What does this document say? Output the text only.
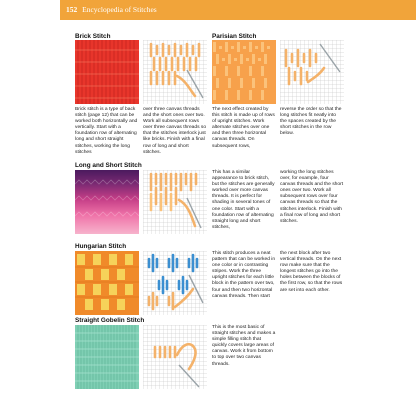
152 Encyclopedia of Stitches
Brick Stitch
Brick stitch is a type of back stitch (page 12) that can be worked both horizontally and vertically. Start with a foundation row of alternating long and short straight stitches, working the long stitches
over three canvas threads and the short ones over two. Work all subsequent rows over three canvas threads so that the stitches interlock just like bricks. Finish with a final row of long and short stitches.
Parisian Stitch
The next effect created by this stitch is made up of rows of upright stitches. Work alternate stitches over one and then three horizontal canvas threads. On subsequent rows,
reverse the order so that the long stitches fit neatly into the spaces created by the short stitches in the row below.
Long and Short Stitch
This has a similar appearance to brick stitch, but the stitches are generally worked over more canvas threads. It is perfect for shading in several tones of one color. Start with a foundation row of alternating straight long and short stitches,
working the long stitches over, for example, four canvas threads and the short ones over two. Work all subsequent rows over four canvas threads so that the stitches interlock. Finish with a final row of long and short stitches.
Hungarian Stitch
This stitch produces a neat pattern that can be worked in one color or in contrasting stripes. Work the three upright stitches for each little block in the pattern over two, four and then two horizontal canvas threads. Then start
the next block after two vertical threads. On the next row make sure that the longest stitches go into the holes between the blocks of the first row, so that the rows are set into each other.
Straight Gobelin Stitch
This is the most basic of straight stitches and makes a simple filling stitch that quickly covers large areas of canvas. Work it from bottom to top over two canvas threads.
